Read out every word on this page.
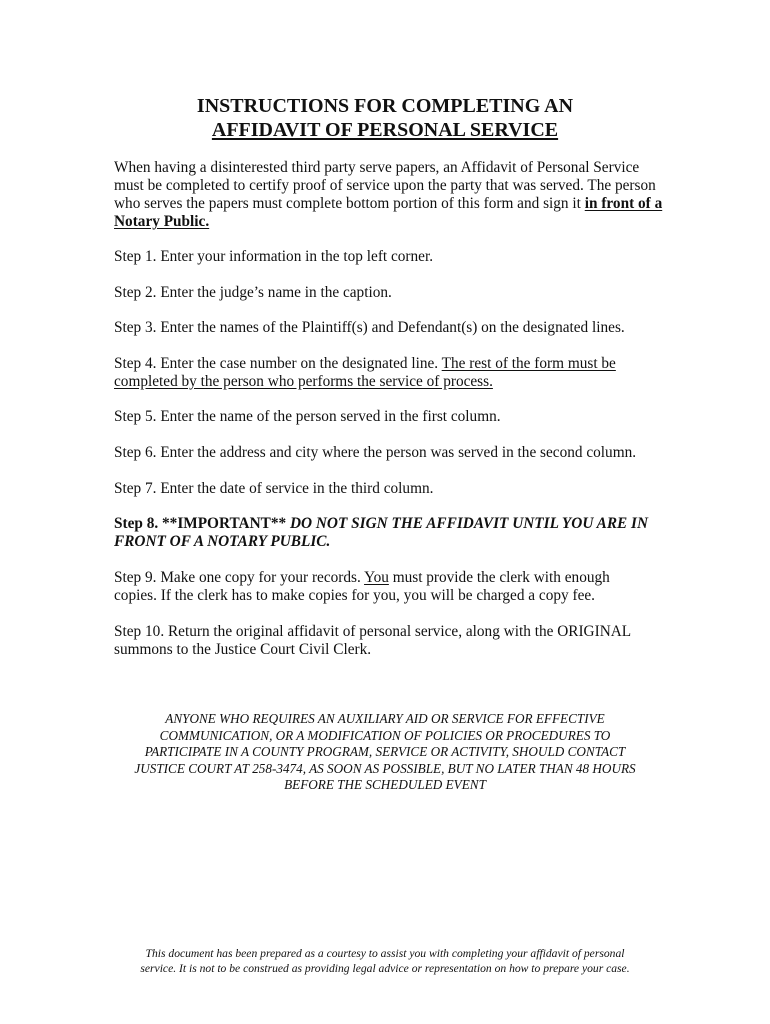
INSTRUCTIONS FOR COMPLETING AN
AFFIDAVIT OF PERSONAL SERVICE
When having a disinterested third party serve papers, an Affidavit of Personal Service
must be completed to certify proof of service upon the party that was served. The person
who serves the papers must complete bottom portion of this form and sign it in front of a
Notary Public.
Step 1. Enter your information in the top left corner.
Step 2. Enter the judge’s name in the caption.
Step 3. Enter the names of the Plaintiff(s) and Defendant(s) on the designated lines.
Step 4. Enter the case number on the designated line. The rest of the form must be
completed by the person who performs the service of process.
Step 5. Enter the name of the person served in the first column.
Step 6. Enter the address and city where the person was served in the second column.
Step 7. Enter the date of service in the third column.
Step 8. **IMPORTANT** DO NOT SIGN THE AFFIDAVIT UNTIL YOU ARE IN
FRONT OF A NOTARY PUBLIC.
Step 9. Make one copy for your records. You must provide the clerk with enough
copies. If the clerk has to make copies for you, you will be charged a copy fee.
Step 10. Return the original affidavit of personal service, along with the ORIGINAL
summons to the Justice Court Civil Clerk.
ANYONE WHO REQUIRES AN AUXILIARY AID OR SERVICE FOR EFFECTIVE
COMMUNICATION, OR A MODIFICATION OF POLICIES OR PROCEDURES TO
PARTICIPATE IN A COUNTY PROGRAM, SERVICE OR ACTIVITY, SHOULD CONTACT
JUSTICE COURT AT 258-3474, AS SOON AS POSSIBLE, BUT NO LATER THAN 48 HOURS
BEFORE THE SCHEDULED EVENT
This document has been prepared as a courtesy to assist you with completing your affidavit of personal
service. It is not to be construed as providing legal advice or representation on how to prepare your case.
